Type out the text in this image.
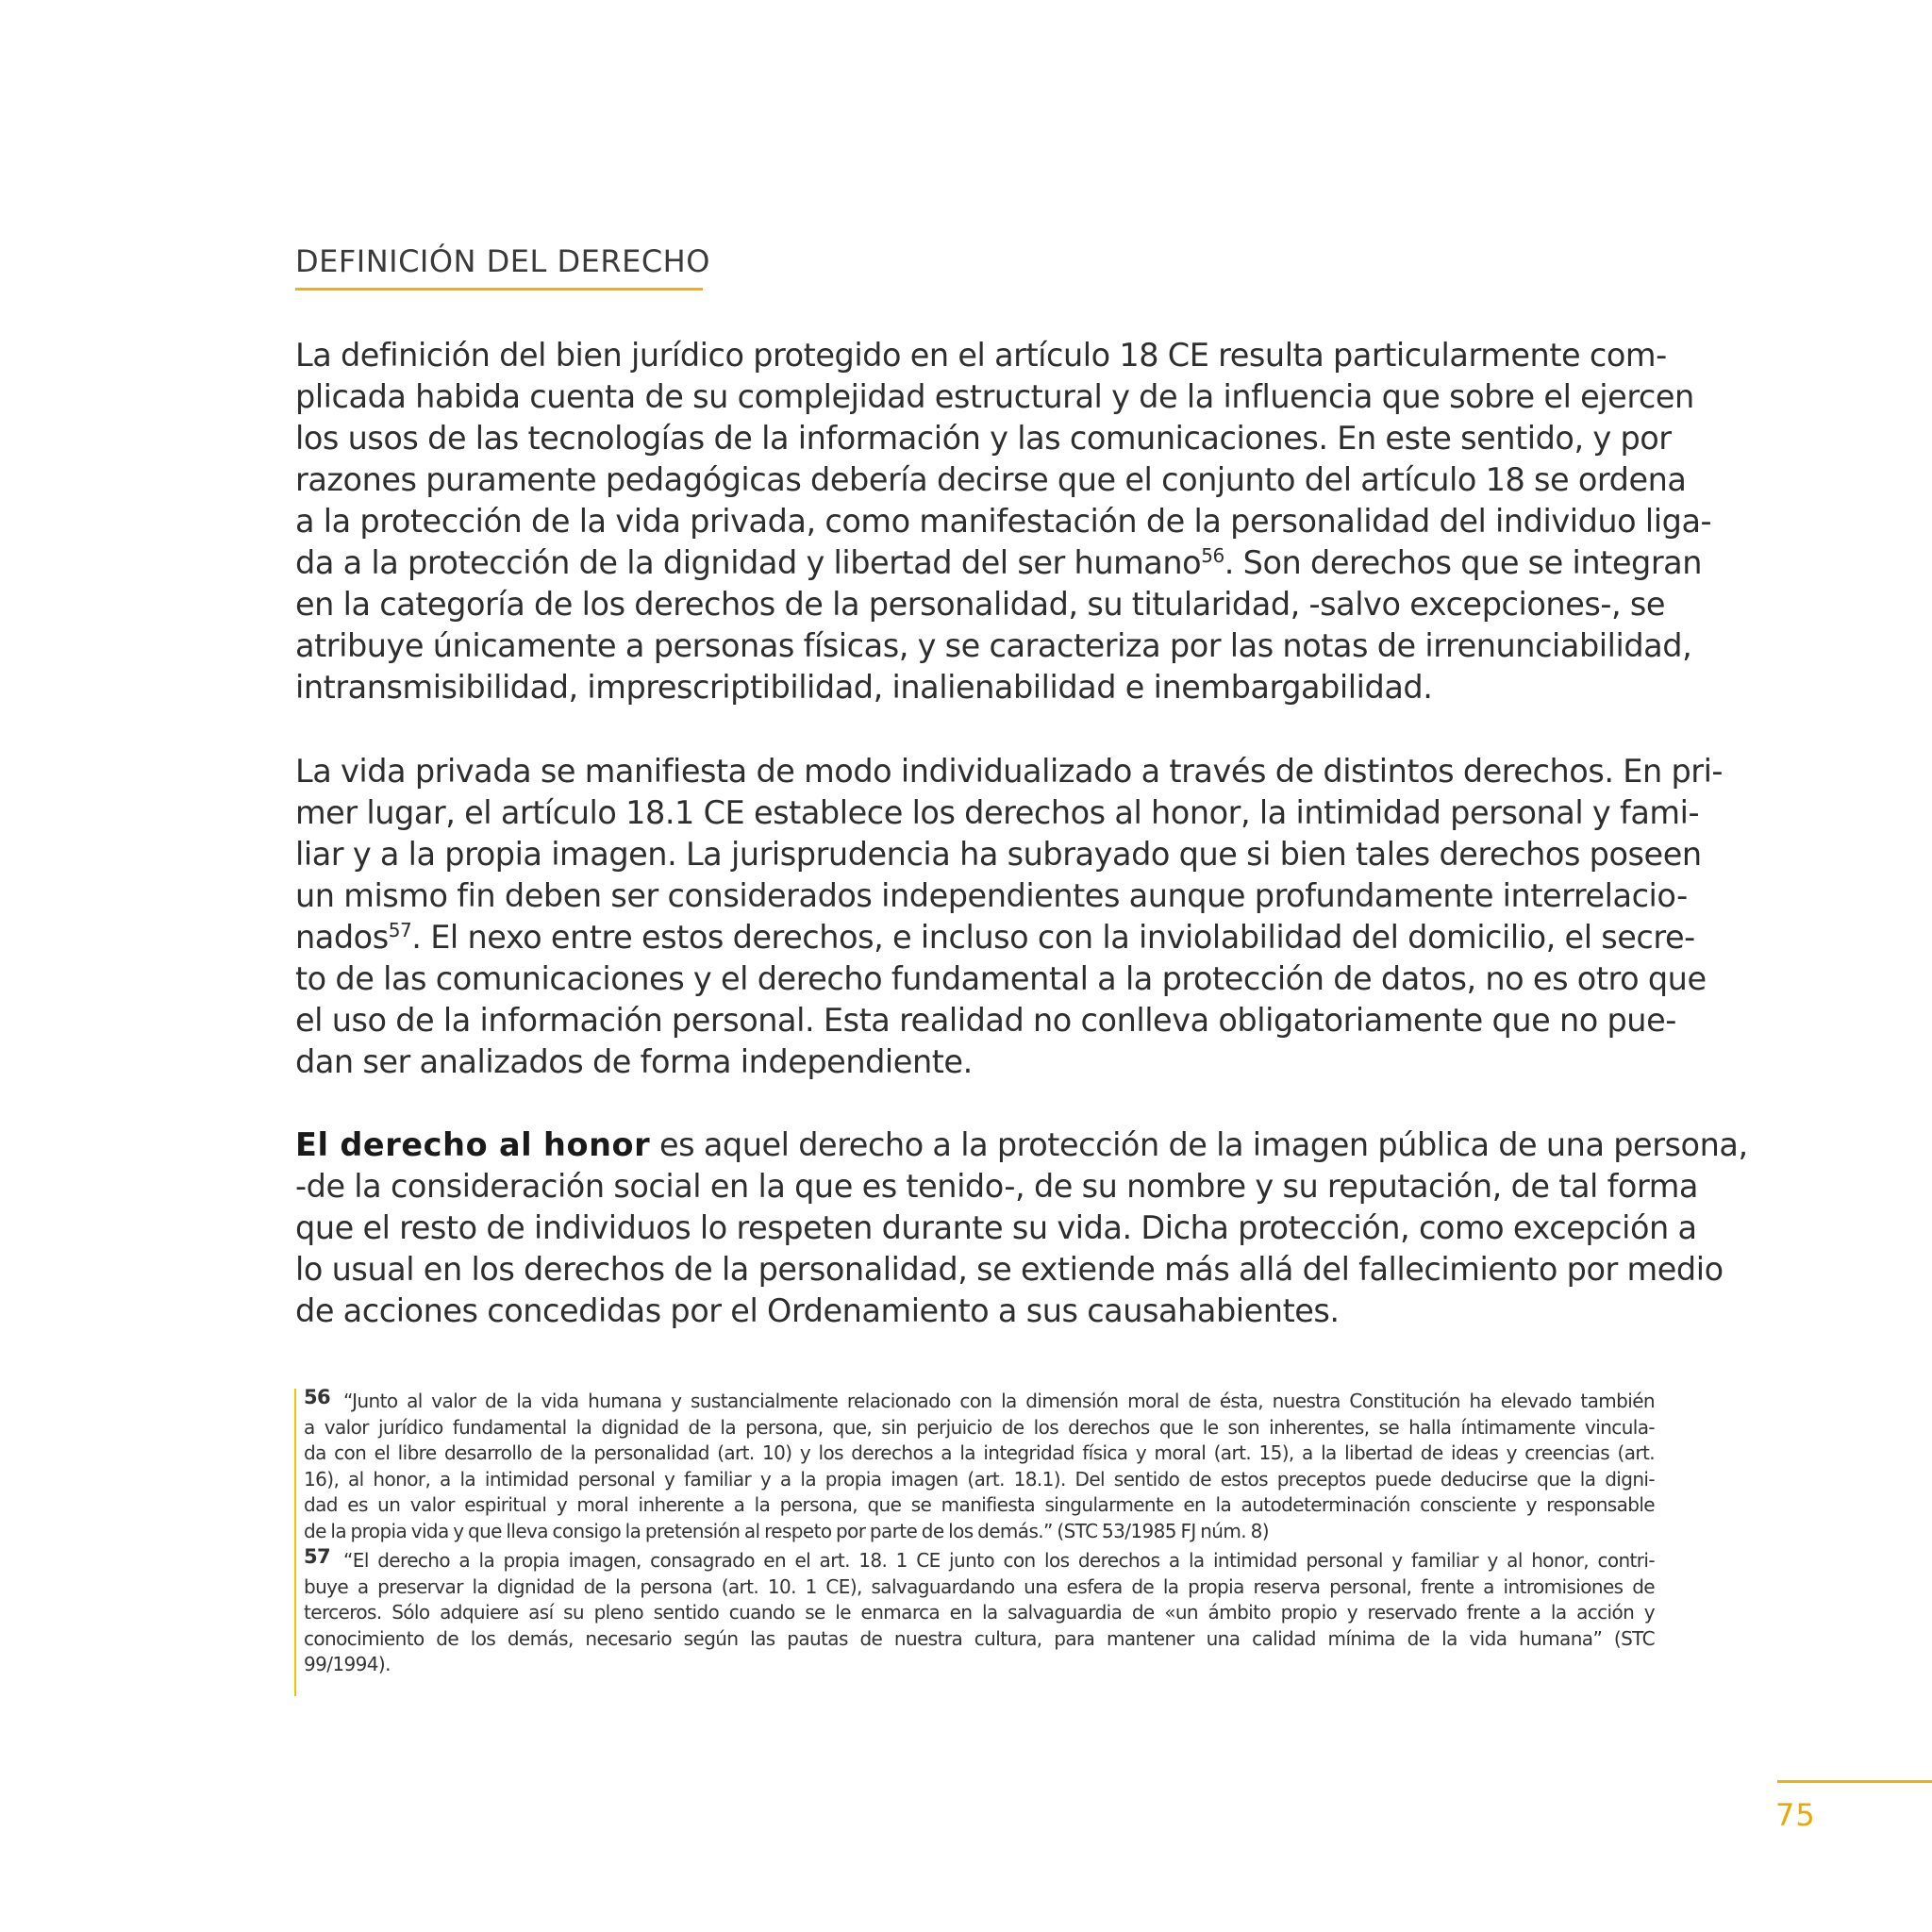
DEFINICIÓN DEL DERECHO

La definición del bien jurídico protegido en el artículo 18 CE resulta particularmente com-
plicada habida cuenta de su complejidad estructural y de la influencia que sobre el ejercen
los usos de las tecnologías de la información y las comunicaciones. En este sentido, y por
razones puramente pedagógicas debería decirse que el conjunto del artículo 18 se ordena
a la protección de la vida privada, como manifestación de la personalidad del individuo liga-
da a la protección de la dignidad y libertad del ser humano$^{56}$. Son derechos que se integran
en la categoría de los derechos de la personalidad, su titularidad, -salvo excepciones-, se
atribuye únicamente a personas físicas, y se caracteriza por las notas de irrenunciabilidad,
intransmisibilidad, imprescriptibilidad, inalienabilidad e inembargabilidad.

La vida privada se manifiesta de modo individualizado a través de distintos derechos. En pri-
mer lugar, el artículo 18.1 CE establece los derechos al honor, la intimidad personal y fami-
liar y a la propia imagen. La jurisprudencia ha subrayado que si bien tales derechos poseen
un mismo fin deben ser considerados independientes aunque profundamente interrelacio-
nados$^{57}$. El nexo entre estos derechos, e incluso con la inviolabilidad del domicilio, el secre-
to de las comunicaciones y el derecho fundamental a la protección de datos, no es otro que
el uso de la información personal. Esta realidad no conlleva obligatoriamente que no pue-
dan ser analizados de forma independiente.

El derecho al honor es aquel derecho a la protección de la imagen pública de una persona,
-de la consideración social en la que es tenido-, de su nombre y su reputación, de tal forma
que el resto de individuos lo respeten durante su vida. Dicha protección, como excepción a
lo usual en los derechos de la personalidad, se extiende más allá del fallecimiento por medio
de acciones concedidas por el Ordenamiento a sus causahabientes.

56 “Junto al valor de la vida humana y sustancialmente relacionado con la dimensión moral de ésta, nuestra Constitución ha elevado también
a valor jurídico fundamental la dignidad de la persona, que, sin perjuicio de los derechos que le son inherentes, se halla íntimamente vincula-
da con el libre desarrollo de la personalidad (art. 10) y los derechos a la integridad física y moral (art. 15), a la libertad de ideas y creencias (art.
16), al honor, a la intimidad personal y familiar y a la propia imagen (art. 18.1). Del sentido de estos preceptos puede deducirse que la digni-
dad es un valor espiritual y moral inherente a la persona, que se manifiesta singularmente en la autodeterminación consciente y responsable
de la propia vida y que lleva consigo la pretensión al respeto por parte de los demás.” (STC 53/1985 FJ núm. 8)
57 “El derecho a la propia imagen, consagrado en el art. 18. 1 CE junto con los derechos a la intimidad personal y familiar y al honor, contri-
buye a preservar la dignidad de la persona (art. 10. 1 CE), salvaguardando una esfera de la propia reserva personal, frente a intromisiones de
terceros. Sólo adquiere así su pleno sentido cuando se le enmarca en la salvaguardia de «un ámbito propio y reservado frente a la acción y
conocimiento de los demás, necesario según las pautas de nuestra cultura, para mantener una calidad mínima de la vida humana” (STC
99/1994).
75
